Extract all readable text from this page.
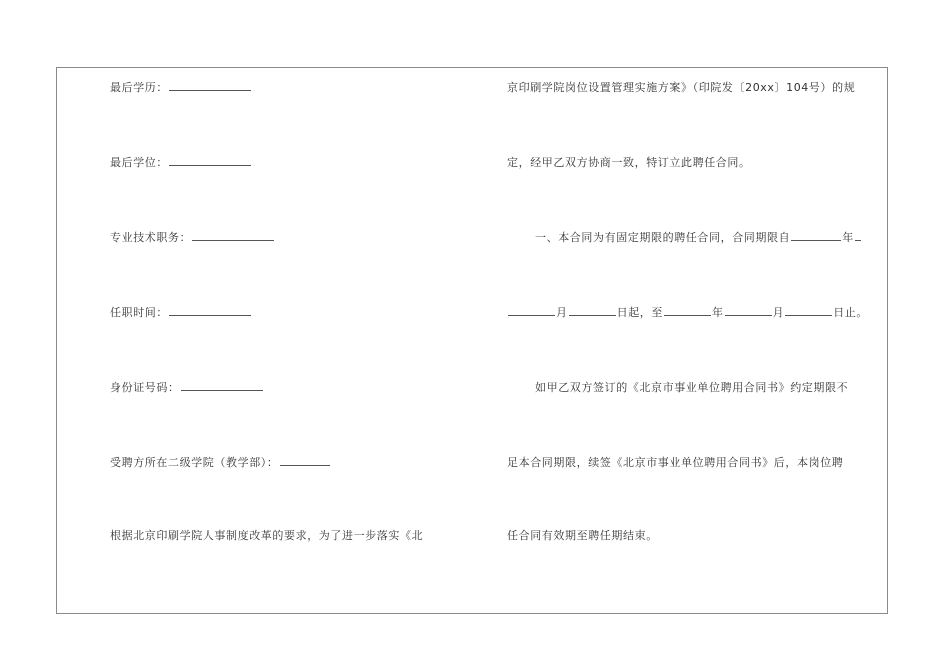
最后学历：
最后学位：
专业技术职务：
任职时间：
身份证号码：
受聘方所在二级学院（教学部）：
根据北京印刷学院人事制度改革的要求，为了进一步落实《北
京印刷学院岗位设置管理实施方案》（印院发〔20xx〕104号）的规
定，经甲乙双方协商一致，特订立此聘任合同。
一、本合同为有固定期限的聘任合同，合同期限自	年
月	日起，至	年	月	日止。
如甲乙双方签订的《北京市事业单位聘用合同书》约定期限不
足本合同期限，续签《北京市事业单位聘用合同书》后，本岗位聘
任合同有效期至聘任期结束。
